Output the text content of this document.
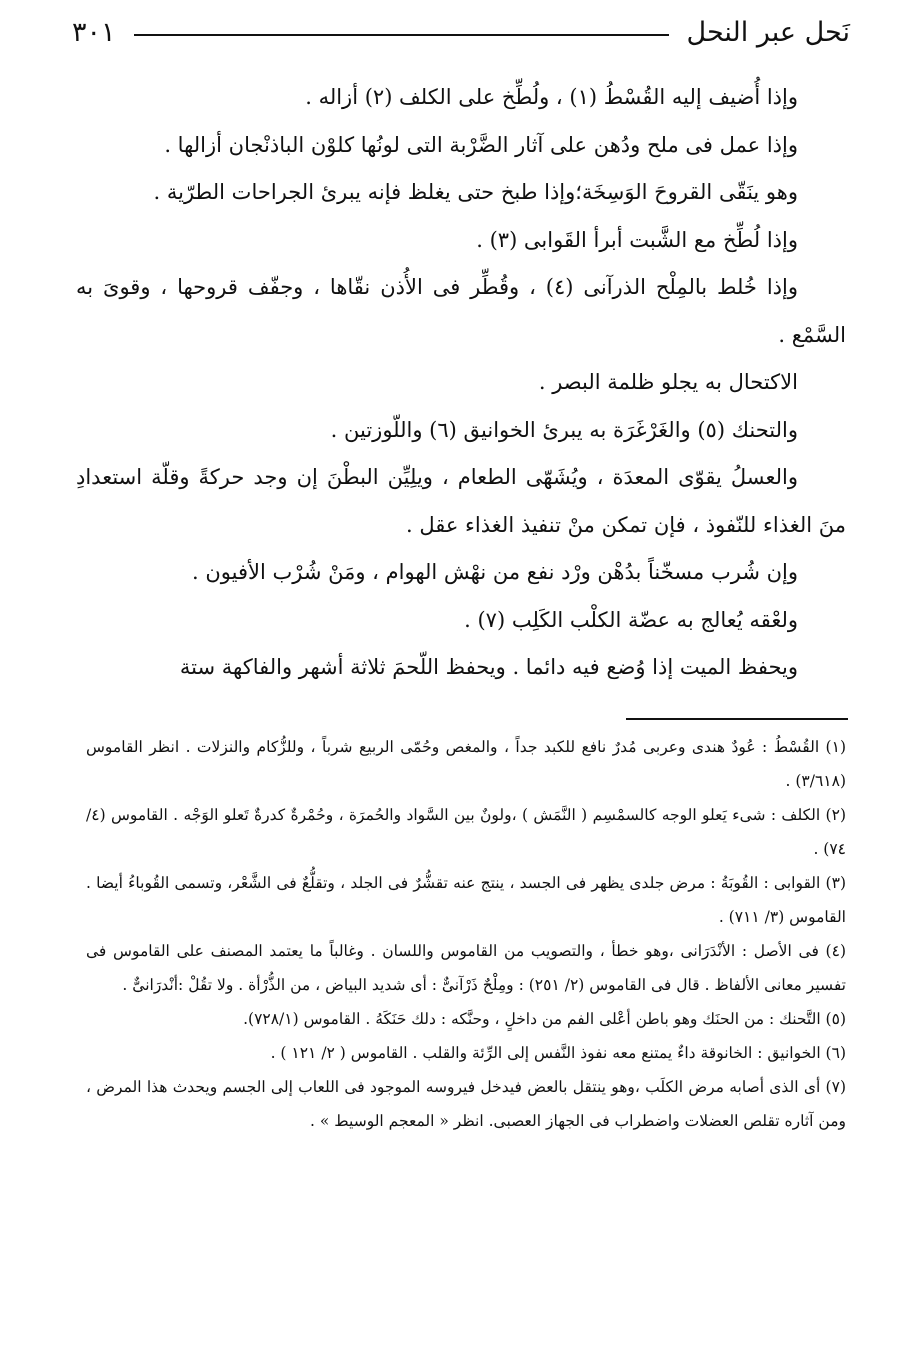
نَحل عبر النحل
٣٠١

وإذا أُضيف إليه القُسْطُ (١) ، ولُطِّخ على الكلف (٢) أزاله .

وإذا عمل فى ملح ودُهن على آثار الضَّرْبة التى لونُها كلوْن الباذنْجان أزالها .

وهو ينَقّى القروحَ الوَسِخَة؛وإذا طبخ حتى يغلظ فإنه يبرئ الجراحات الطرّية .

وإذا لُطِّخ مع الشَّبت أبرأ القَوابى (٣) .

وإذا خُلط بالمِلْح الذرآنى (٤) ، وقُطِّر فى الأُذن نقّاها ، وجفّف قروحها ، وقوىَ به السَّمْع .

الاكتحال به يجلو ظلمة البصر .

والتحنك (٥) والغَرْغَرَة به يبرئ الخوانيق (٦) واللّوزتين .

والعسلُ يقوّى المعدَة ، ويُشَهّى الطعام ، ويلِيِّن البطْنَ إن وجد حركةً وقلّة استعدادِ منَ الغذاء للنّفوذ ، فإن تمكن منْ تنفيذ الغذاء عقل .

وإن شُرب مسخّناً بدُهْن ورْد نفع من نهْش الهوام ، ومَنْ شُرْب الأفيون .

ولعْقه يُعالج به عضّة الكلْب الكَلِب (٧) .

ويحفظ الميت إذا وُضع فيه دائما . ويحفظ اللّحمَ ثلاثة أشهر والفاكهة ستة

(١) القُسْطُ : عُودٌ هندى وعربى مُدرٌ نافع للكبد جداً ، والمغص وحُمّى الربيع شرباً ، وللزُّكام والنزلات . انظر القاموس (٣/٦١٨) .

(٢) الكلف : شىء يَعلو الوجه كالسمْسِم ( النَّمَش ) ،ولونٌ بين السَّواد والحُمرَة ، وحُمْرةٌ كدرةٌ تَعلو الوَجْه . القاموس (٤/ ٧٤) .

(٣) القوابى : القُوبَةُ : مرض جلدى يظهر فى الجسد ، ينتج عنه تقشُّرٌ فى الجلد ، وتقلُّعٌ فى الشَّعْر، وتسمى القُوباءُ أيضا . القاموس (٣/ ٧١١) .

(٤) فى الأصل : الأنْدَرَانى ،وهو خطأ ، والتصويب من القاموس واللسان . وغالباً ما يعتمد المصنف على القاموس فى تفسير معانى الألفاظ . قال فى القاموس (٢/ ٢٥١) : ومِلْحٌ ذَرْآنىٌّ : أى شديد البياض ، من الذُّرْأة . ولا تقُلْ :أنْدرَانىٌّ .

(٥) التَّحنك : من الحنَك وهو باطن أعْلى الفم من داخلٍ ، وحنَّكه : دلك حَنَكَهُ . القاموس (٧٢٨/١).

(٦) الخوانيق : الخانوقة داءٌ يمتنع معه نفوذ النَّفس إلى الرِّئة والقلب . القاموس ( ٢/ ١٢١ ) .

(٧) أى الذى أصابه مرض الكلَب ،وهو ينتقل بالعض فيدخل فيروسه الموجود فى اللعاب إلى الجسم ويحدث هذا المرض ، ومن آثاره تقلص العضلات واضطراب فى الجهاز العصبى. انظر « المعجم الوسيط » .
